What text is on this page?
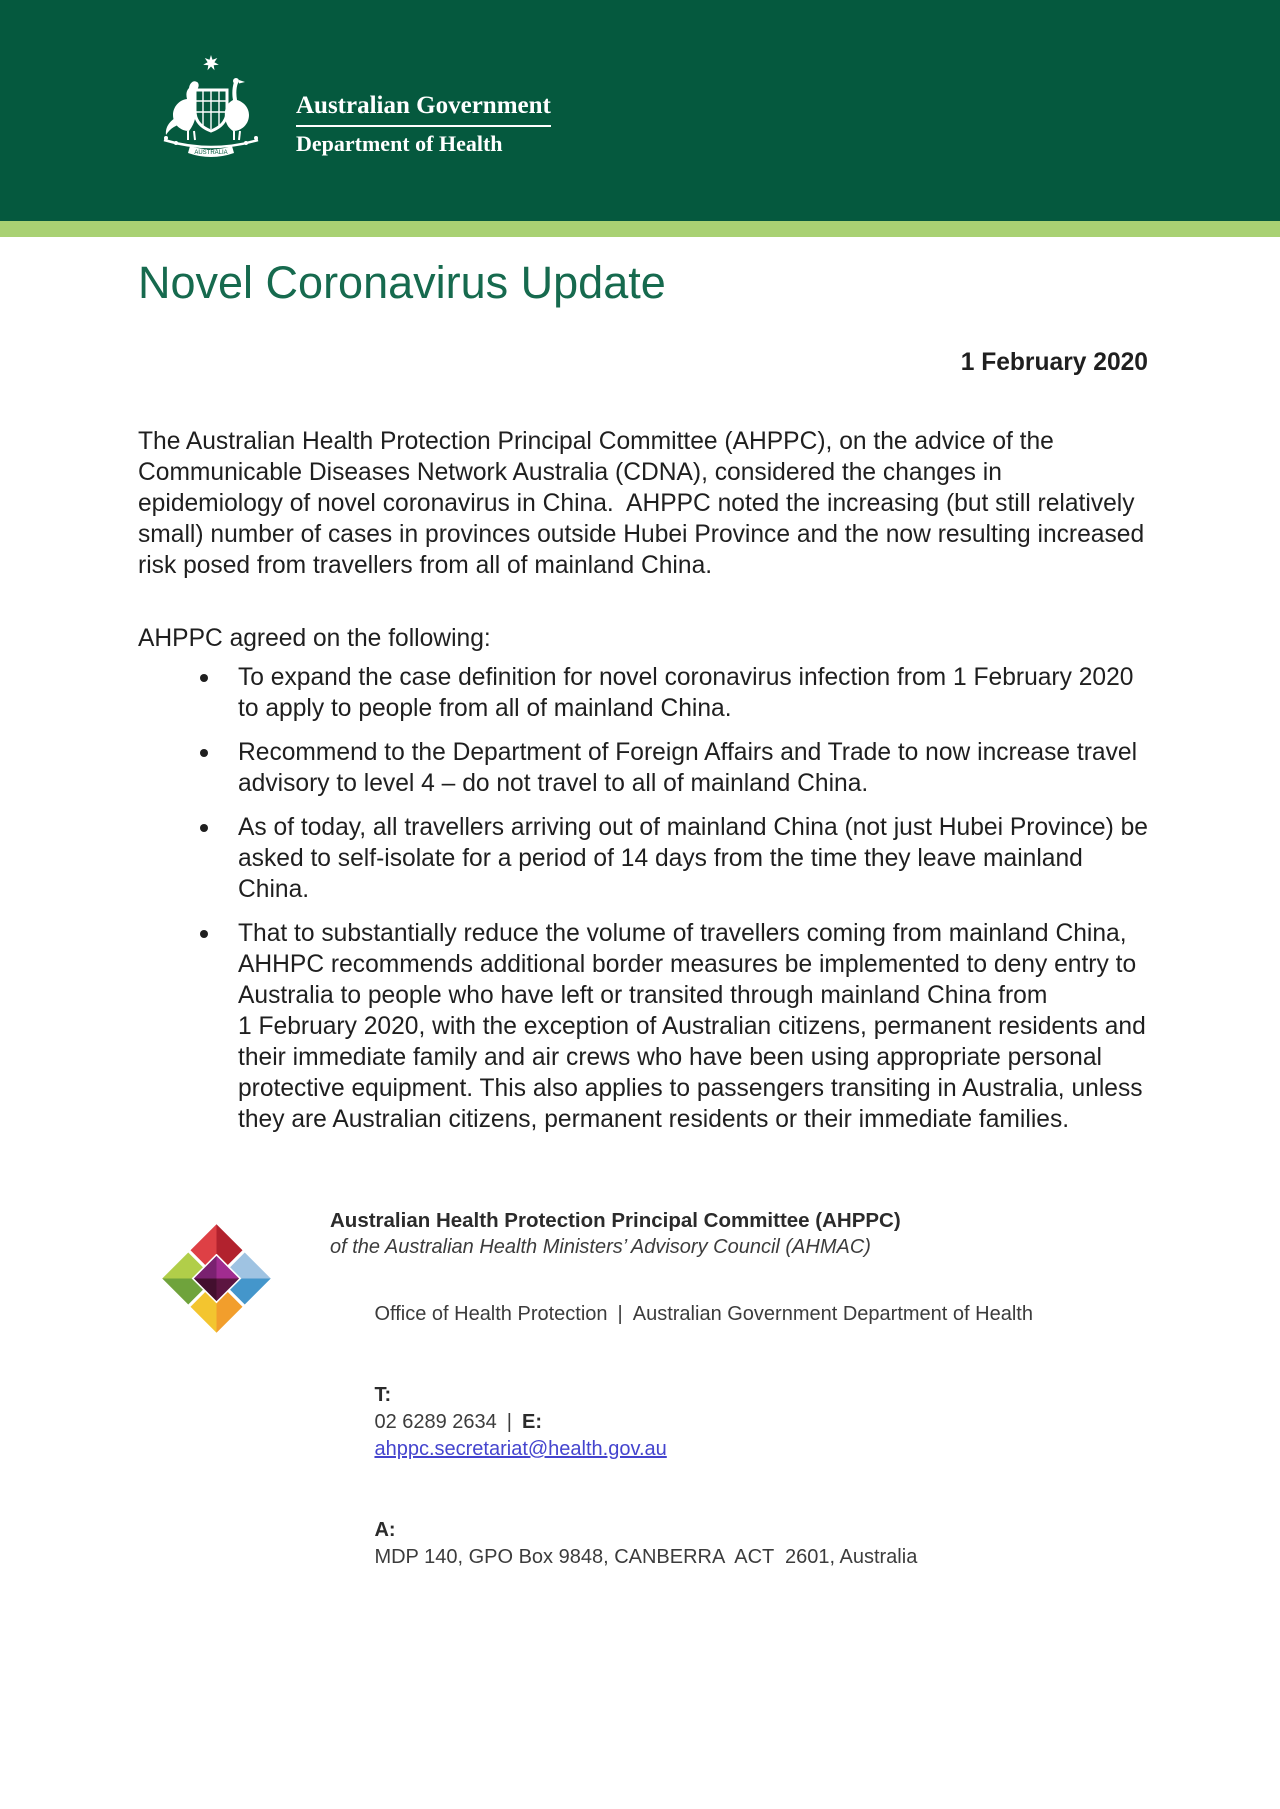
AUSTRALIA
Australian Government
Department of Health
Novel Coronavirus Update
1 February 2020

The Australian Health Protection Principal Committee (AHPPC), on the advice of the Communicable Diseases Network Australia (CDNA), considered the changes in epidemiology of novel coronavirus in China.  AHPPC noted the increasing (but still relatively small) number of cases in provinces outside Hubei Province and the now resulting increased risk posed from travellers from all of mainland China.

AHPPC agreed on the following:

To expand the case definition for novel coronavirus infection from 1 February 2020 to apply to people from all of mainland China.
Recommend to the Department of Foreign Affairs and Trade to now increase travel advisory to level 4 – do not travel to all of mainland China.
As of today, all travellers arriving out of mainland China (not just Hubei Province) be asked to self-isolate for a period of 14 days from the time they leave mainland China.
That to substantially reduce the volume of travellers coming from mainland China, AHHPC recommends additional border measures be implemented to deny entry to Australia to people who have left or transited through mainland China from
1 February 2020, with the exception of Australian citizens, permanent residents and their immediate family and air crews who have been using appropriate personal protective equipment. This also applies to passengers transiting in Australia, unless they are Australian citizens, permanent residents or their immediate families.
Australian Health Protection Principal Committee (AHPPC)
of the Australian Health Ministers’ Advisory Council (AHMAC)

Office of Health Protection | Australian Government Department of Health

T:
02 6289 2634 | E:
ahppc.secretariat@health.gov.au

A:
MDP 140, GPO Box 9848, CANBERRA  ACT  2601, Australia
